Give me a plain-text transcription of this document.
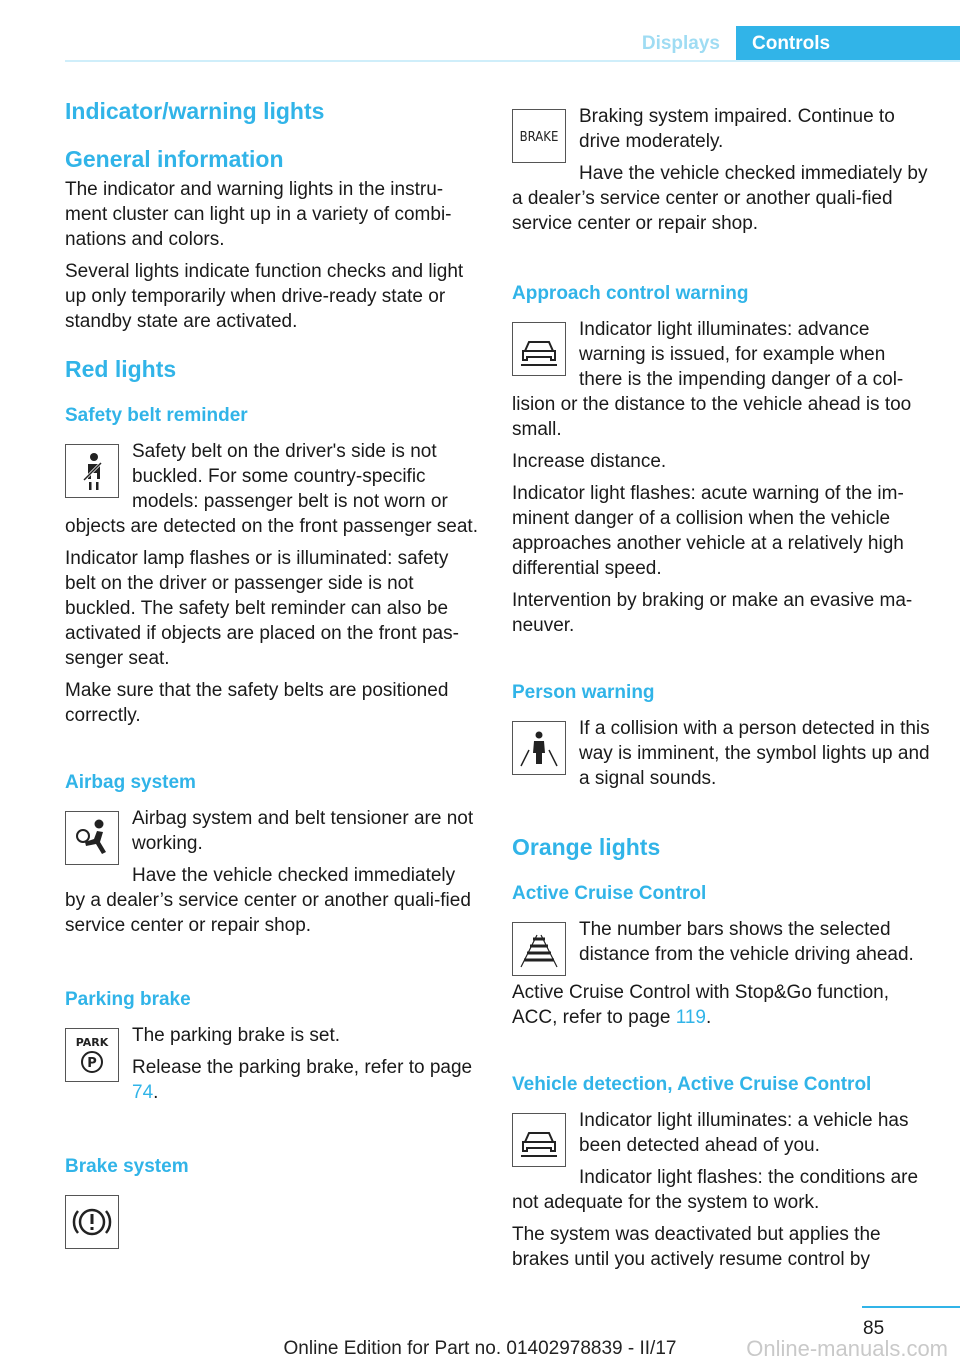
Displays	Controls
Indicator/warning lights
General information

The indicator and warning lights in the instru-ment cluster can light up in a variety of combi-nations and colors.

Several lights indicate function checks and light up only temporarily when drive-ready state or standby state are activated.

Red lights
Safety belt reminder

Safety belt on the driver's side is not buckled. For some country-specific models: passenger belt is not worn or objects are detected on the front passenger seat.

Indicator lamp flashes or is illuminated: safety belt on the driver or passenger side is not buckled. The safety belt reminder can also be activated if objects are placed on the front pas-senger seat.

Make sure that the safety belts are positioned correctly.

Airbag system

Airbag system and belt tensioner are not working.

Have the vehicle checked immediately by a dealer’s service center or another quali-fied service center or repair shop.

Parking brake
PARK
P

The parking brake is set.

Release the parking brake, refer to page 74.

Brake system
BRAKE

Braking system impaired. Continue to drive moderately.

Have the vehicle checked immediately by a dealer’s service center or another quali-fied service center or repair shop.

Approach control warning

Indicator light illuminates: advance warning is issued, for example when there is the impending danger of a col-lision or the distance to the vehicle ahead is too small.

Increase distance.

Indicator light flashes: acute warning of the im-minent danger of a collision when the vehicle approaches another vehicle at a relatively high differential speed.

Intervention by braking or make an evasive ma-neuver.

Person warning

If a collision with a person detected in this way is imminent, the symbol lights up and a signal sounds.

Orange lights
Active Cruise Control

The number bars shows the selected distance from the vehicle driving ahead.

Active Cruise Control with Stop&Go function, ACC, refer to page 119.

Vehicle detection, Active Cruise Control

Indicator light illuminates: a vehicle has been detected ahead of you.

Indicator light flashes: the conditions are not adequate for the system to work.

The system was deactivated but applies the brakes until you actively resume control by

85
Online Edition for Part no. 01402978839 - II/17	Online-manuals.com
